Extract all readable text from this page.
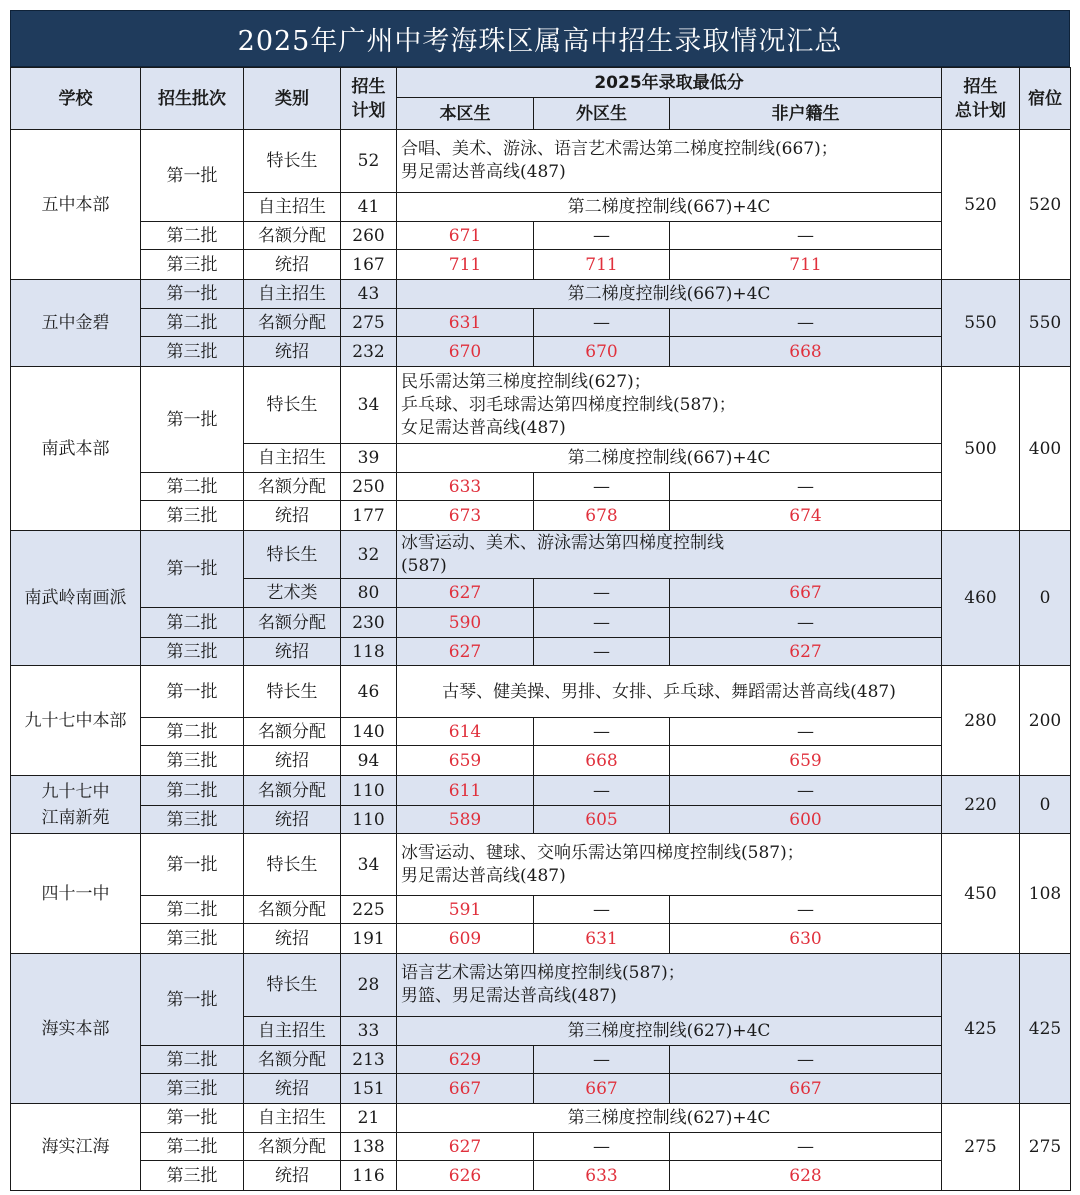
2025年广州中考海珠区属高中招生录取情况汇总
学校	招生批次	类别	招生
计划	2025年录取最低分			招生
总计划	宿位
				本区生	外区生	非户籍生		
五中本部	第一批	特长生	52	合唱、美术、游泳、语言艺术需达第二梯度控制线(667)；
男足需达普高线(487)			520	520
		自主招生	41	第二梯度控制线(667)+4C				
	第二批	名额分配	260	671	—	—		
	第三批	统招	167	711	711	711		
五中金碧	第一批	自主招生	43	第二梯度控制线(667)+4C			550	550
	第二批	名额分配	275	631	—	—		
	第三批	统招	232	670	670	668		
南武本部	第一批	特长生	34	民乐需达第三梯度控制线(627)；
乒乓球、羽毛球需达第四梯度控制线(587)；
女足需达普高线(487)			500	400
		自主招生	39	第二梯度控制线(667)+4C				
	第二批	名额分配	250	633	—	—		
	第三批	统招	177	673	678	674		
南武岭南画派	第一批	特长生	32	冰雪运动、美术、游泳需达第四梯度控制线
(587)			460	0
		艺术类	80	627	—	667		
	第二批	名额分配	230	590	—	—		
	第三批	统招	118	627	—	627		
九十七中本部	第一批	特长生	46	古琴、健美操、男排、女排、乒乓球、舞蹈需达普高线(487)			280	200
	第二批	名额分配	140	614	—	—		
	第三批	统招	94	659	668	659		
九十七中
江南新苑	第二批	名额分配	110	611	—	—	220	0
	第三批	统招	110	589	605	600		
四十一中	第一批	特长生	34	冰雪运动、毽球、交响乐需达第四梯度控制线(587)；
男足需达普高线(487)			450	108
	第二批	名额分配	225	591	—	—		
	第三批	统招	191	609	631	630		
海实本部	第一批	特长生	28	语言艺术需达第四梯度控制线(587)；
男篮、男足需达普高线(487)			425	425
		自主招生	33	第三梯度控制线(627)+4C				
	第二批	名额分配	213	629	—	—		
	第三批	统招	151	667	667	667		
海实江海	第一批	自主招生	21	第三梯度控制线(627)+4C			275	275
	第二批	名额分配	138	627	—	—		
	第三批	统招	116	626	633	628		
